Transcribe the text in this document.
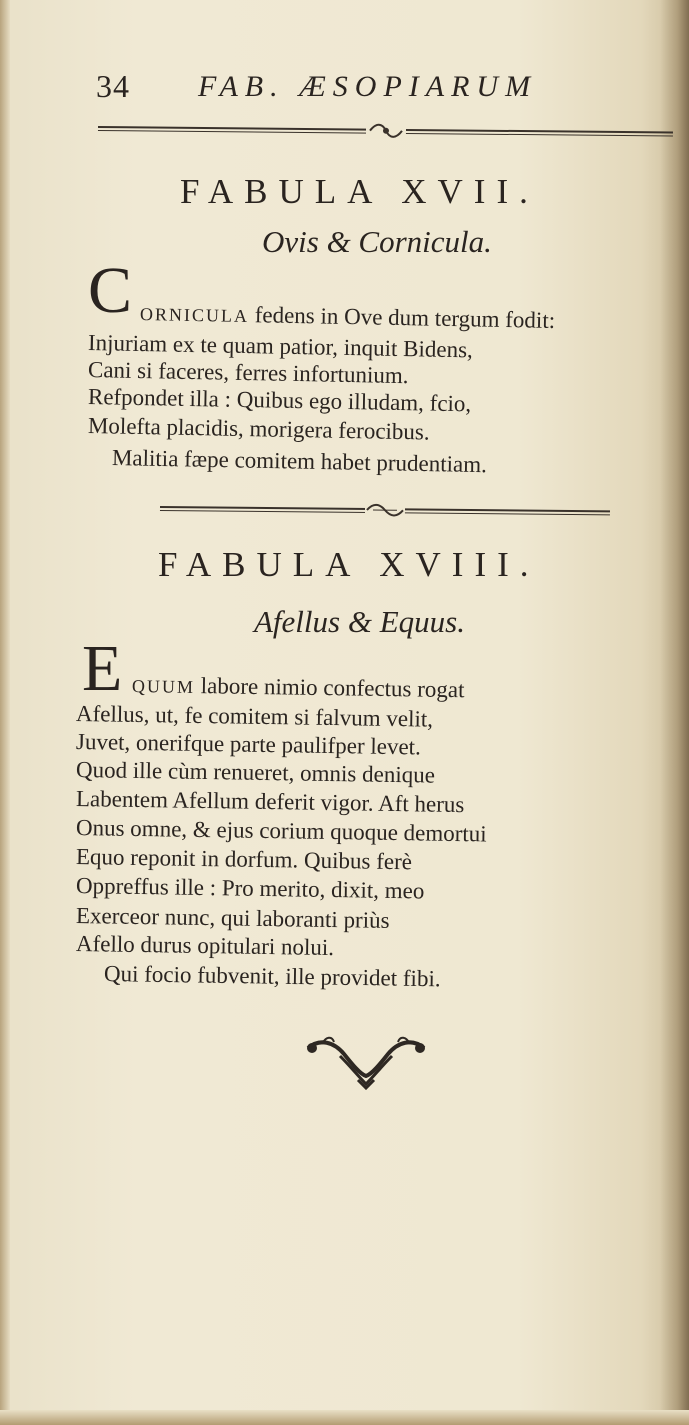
34 FAB. ÆSOPIARUM
FABULA XVII.
Ovis & Cornicula.
C ORNICULA fedens in Ove dum tergum fodit:
Injuriam ex te quam patior, inquit Bidens,
Cani si faceres, ferres infortunium.
Refpondet illa : Quibus ego illudam, fcio,
Molefta placidis, morigera ferocibus.
Malitia fæpe comitem habet prudentiam.
FABULA XVIII.
Afellus & Equus.
E QUUM labore nimio confectus rogat
Afellus, ut, fe comitem si falvum velit,
Juvet, onerifque parte paulifper levet.
Quod ille cùm renueret, omnis denique
Labentem Afellum deferit vigor. Aft herus
Onus omne, & ejus corium quoque demortui
Equo reponit in dorfum. Quibus ferè
Oppreffus ille : Pro merito, dixit, meo
Exerceor nunc, qui laboranti priùs
Afello durus opitulari nolui.
Qui focio fubvenit, ille providet fibi.
